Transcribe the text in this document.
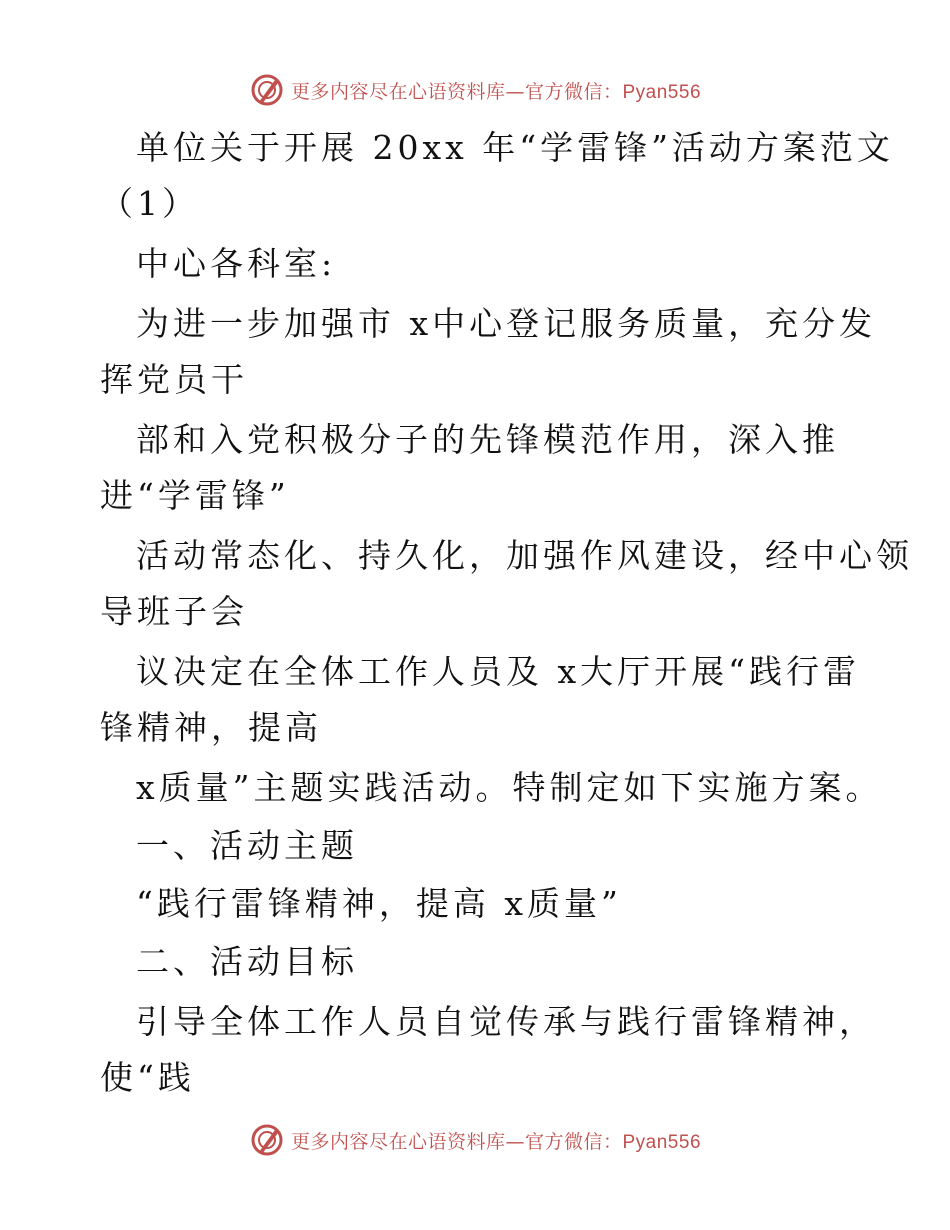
更多内容尽在心语资料库—官方微信：Pyan556
单位关于开展 20xx 年“学雷锋”活动方案范文
（1）
中心各科室:
为进一步加强市 x中心登记服务质量，充分发
挥党员干
部和入党积极分子的先锋模范作用，深入推
进“学雷锋”
活动常态化、持久化，加强作风建设，经中心领
导班子会
议决定在全体工作人员及 x大厅开展“践行雷
锋精神，提高
x质量”主题实践活动。特制定如下实施方案。
一、活动主题
“践行雷锋精神，提高 x质量”
二、活动目标
引导全体工作人员自觉传承与践行雷锋精神，
使“践
更多内容尽在心语资料库—官方微信：Pyan556
